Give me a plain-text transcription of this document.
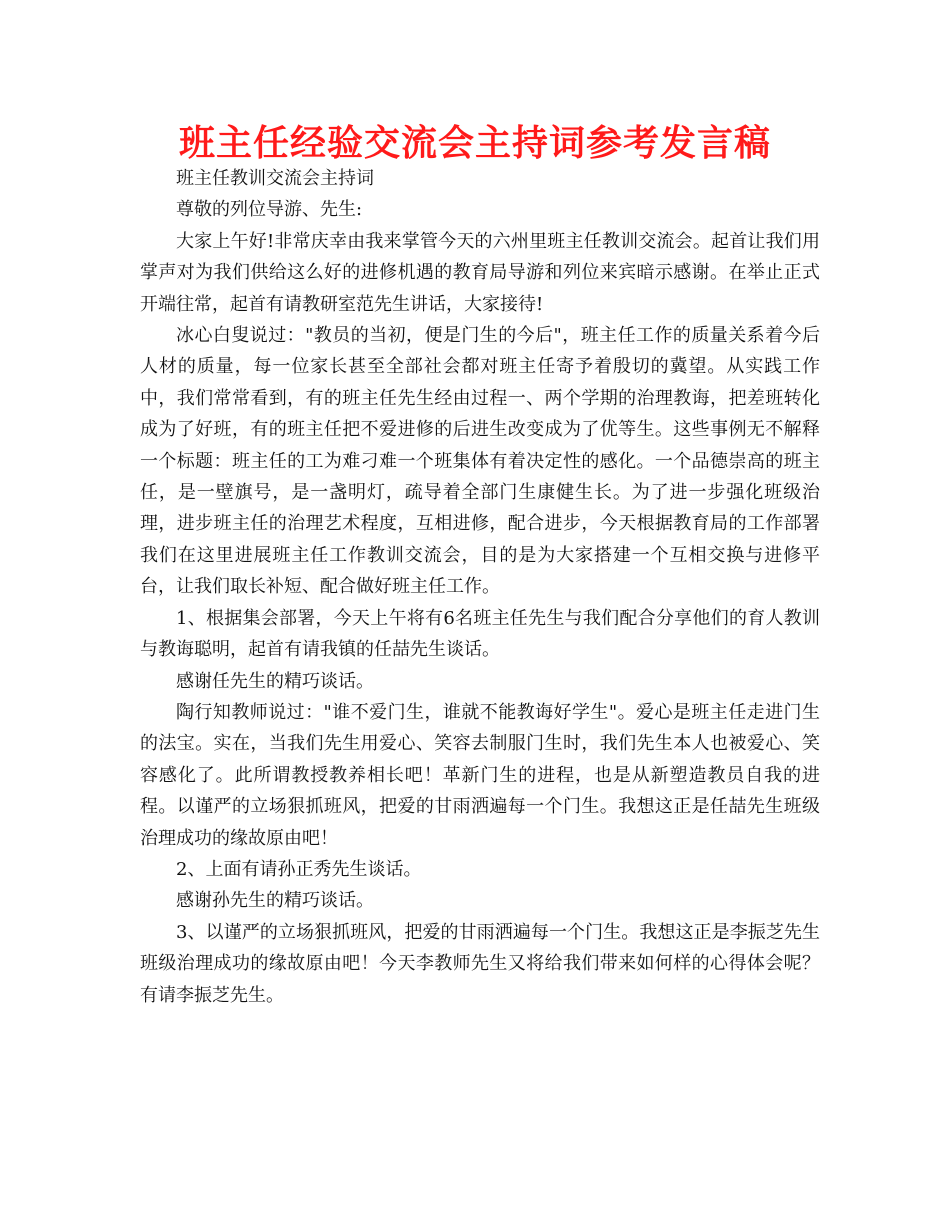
班主任经验交流会主持词参考发言稿

班主任教训交流会主持词

尊敬的列位导游、先生:

大家上午好!非常庆幸由我来掌管今天的六州里班主任教训交流会。起首让我们用掌声对为我们供给这么好的进修机遇的教育局导游和列位来宾暗示感谢。在举止正式开端往常，起首有请教研室范先生讲话，大家接待!

冰心白叟说过："教员的当初，便是门生的今后"，班主任工作的质量关系着今后人材的质量，每一位家长甚至全部社会都对班主任寄予着殷切的冀望。从实践工作中，我们常常看到，有的班主任先生经由过程一、两个学期的治理教诲，把差班转化成为了好班，有的班主任把不爱进修的后进生改变成为了优等生。这些事例无不解释一个标题：班主任的工为难刁难一个班集体有着决定性的感化。一个品德崇高的班主任，是一壁旗号，是一盏明灯，疏导着全部门生康健生长。为了进一步强化班级治理，进步班主任的治理艺术程度，互相进修，配合进步，今天根据教育局的工作部署我们在这里进展班主任工作教训交流会，目的是为大家搭建一个互相交换与进修平台，让我们取长补短、配合做好班主任工作。

1、根据集会部署，今天上午将有6名班主任先生与我们配合分享他们的育人教训与教诲聪明，起首有请我镇的任喆先生谈话。

感谢任先生的精巧谈话。

陶行知教师说过："谁不爱门生，谁就不能教诲好学生"。爱心是班主任走进门生的法宝。实在，当我们先生用爱心、笑容去制服门生时，我们先生本人也被爱心、笑容感化了。此所谓教授教养相长吧！革新门生的进程，也是从新塑造教员自我的进程。以谨严的立场狠抓班风，把爱的甘雨洒遍每一个门生。我想这正是任喆先生班级治理成功的缘故原由吧！

2、上面有请孙正秀先生谈话。

感谢孙先生的精巧谈话。

3、以谨严的立场狠抓班风，把爱的甘雨洒遍每一个门生。我想这正是李振芝先生班级治理成功的缘故原由吧！今天李教师先生又将给我们带来如何样的心得体会呢？有请李振芝先生。
